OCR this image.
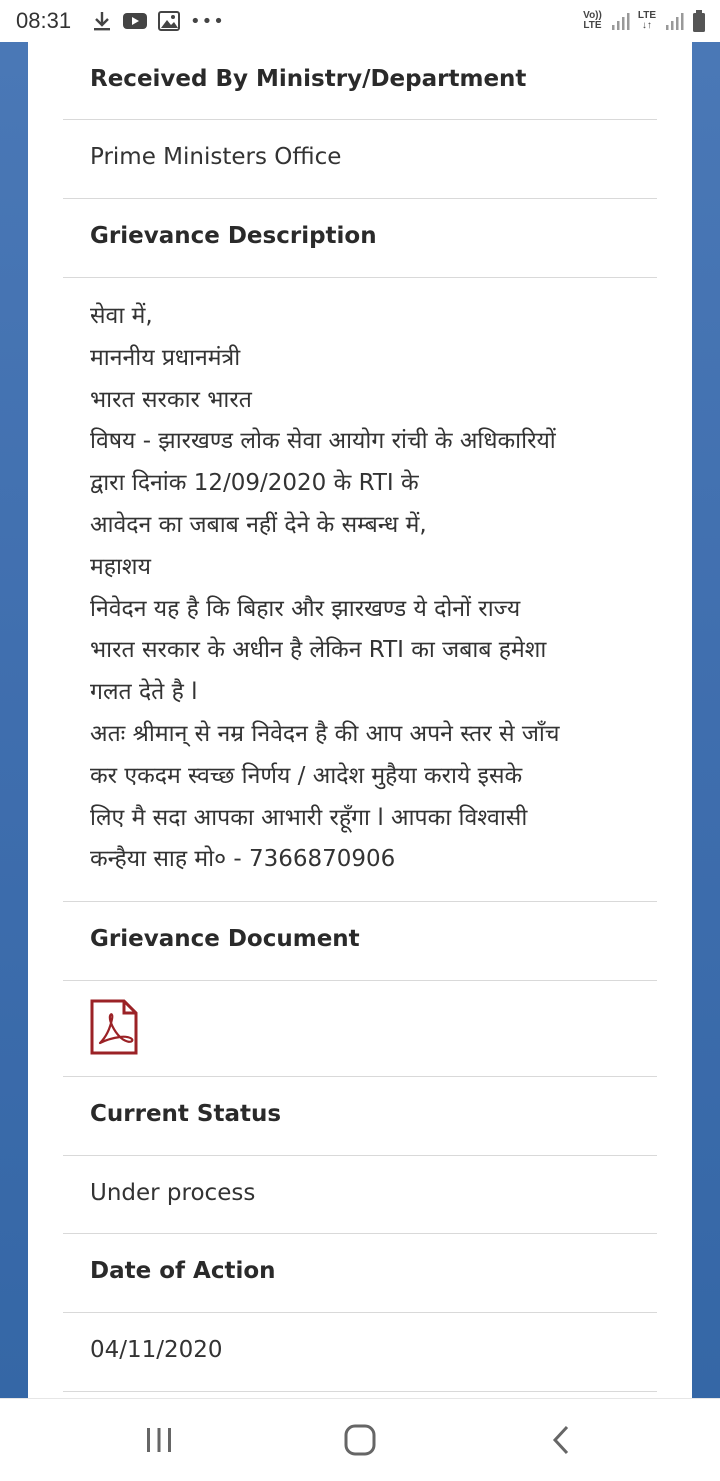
08:31	•••	Vo))
LTE
LTE
↓↑
Received By Ministry/Department
Prime Ministers Office
Grievance Description
सेवा में,
माननीय प्रधानमंत्री
भारत सरकार भारत
विषय - झारखण्ड लोक सेवा आयोग रांची के अधिकारियों
द्वारा दिनांक 12/09/2020 के RTI के
आवेदन का जबाब नहीं देने के सम्बन्ध में,
महाशय
निवेदन यह है कि बिहार और झारखण्ड ये दोनों राज्य
भारत सरकार के अधीन है लेकिन RTI का जबाब हमेशा
गलत देते है l
अतः श्रीमान् से नम्र निवेदन है की आप अपने स्तर से जाँच
कर एकदम स्वच्छ निर्णय / आदेश मुहैया कराये इसके
लिए मै सदा आपका आभारी रहूँगा l आपका विश्वासी
कन्हैया साह मो० - 7366870906
Grievance Document
Current Status
Under process
Date of Action
04/11/2020
